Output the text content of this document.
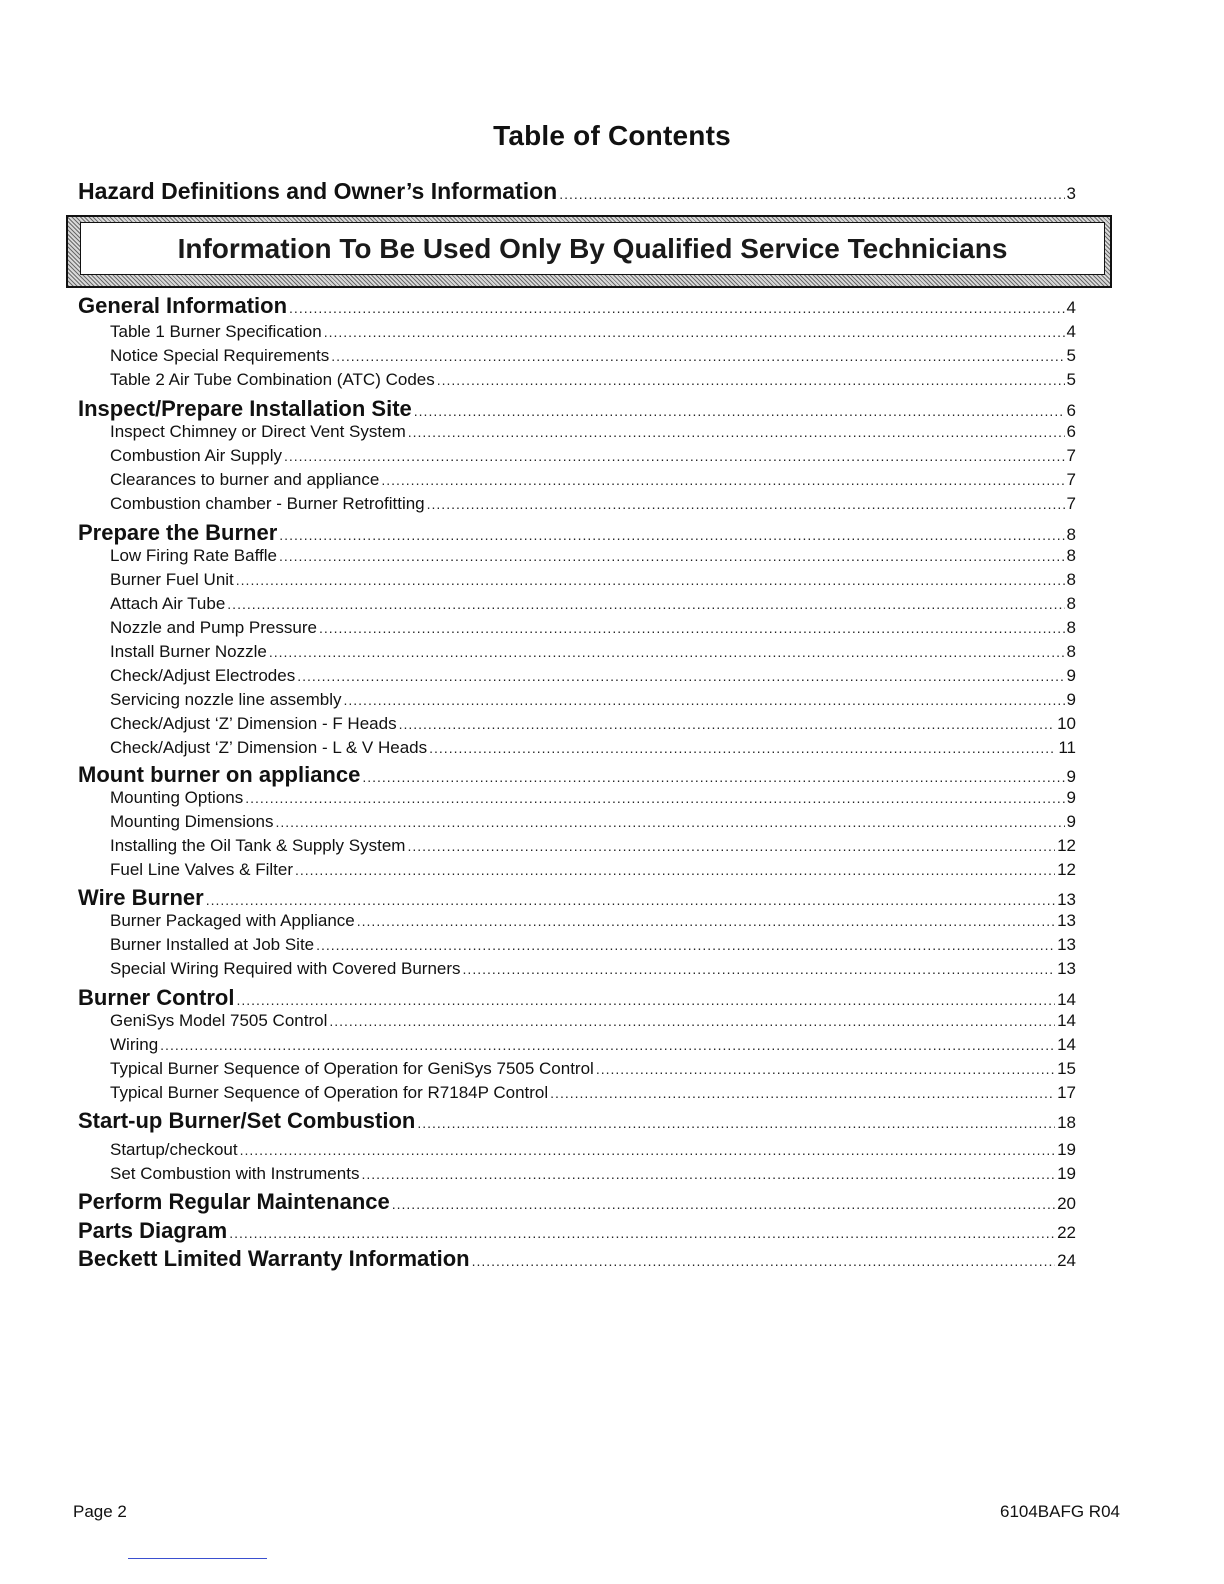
Table of Contents
Hazard Definitions and Owner’s Information .....	3
Information To Be Used Only By Qualified Service Technicians
General Information .....	4
Table 1 Burner Specification .....	4
Notice Special Requirements .....	5
Table 2 Air Tube Combination (ATC) Codes .....	5
Inspect/Prepare Installation Site .....	6
Inspect Chimney or Direct Vent System .....	6
Combustion Air Supply .....	7
Clearances to burner and appliance .....	7
Combustion chamber - Burner Retrofitting .....	7
Prepare the Burner .....	8
Low Firing Rate Baffle .....	8
Burner Fuel Unit .....	8
Attach Air Tube .....	8
Nozzle and Pump Pressure .....	8
Install Burner Nozzle .....	8
Check/Adjust Electrodes .....	9
Servicing nozzle line assembly .....	9
Check/Adjust ‘Z’ Dimension - F Heads .....	10
Check/Adjust ‘Z’ Dimension - L & V Heads .....	11
Mount burner on appliance .....	9
Mounting Options .....	9
Mounting Dimensions .....	9
Installing the Oil Tank & Supply System .....	12
Fuel Line Valves & Filter .....	12
Wire Burner .....	13
Burner Packaged with Appliance .....	13
Burner Installed at Job Site .....	13
Special Wiring Required with Covered Burners .....	13
Burner Control .....	14
GeniSys Model 7505 Control .....	14
Wiring .....	14
Typical Burner Sequence of Operation for GeniSys 7505 Control .....	15
Typical Burner Sequence of Operation for R7184P Control .....	17
Start-up Burner/Set Combustion .....	18
Startup/checkout .....	19
Set Combustion with Instruments .....	19
Perform Regular Maintenance .....	20
Parts Diagram .....	22
Beckett Limited Warranty Information .....	24
Page 2	6104BAFG R04
